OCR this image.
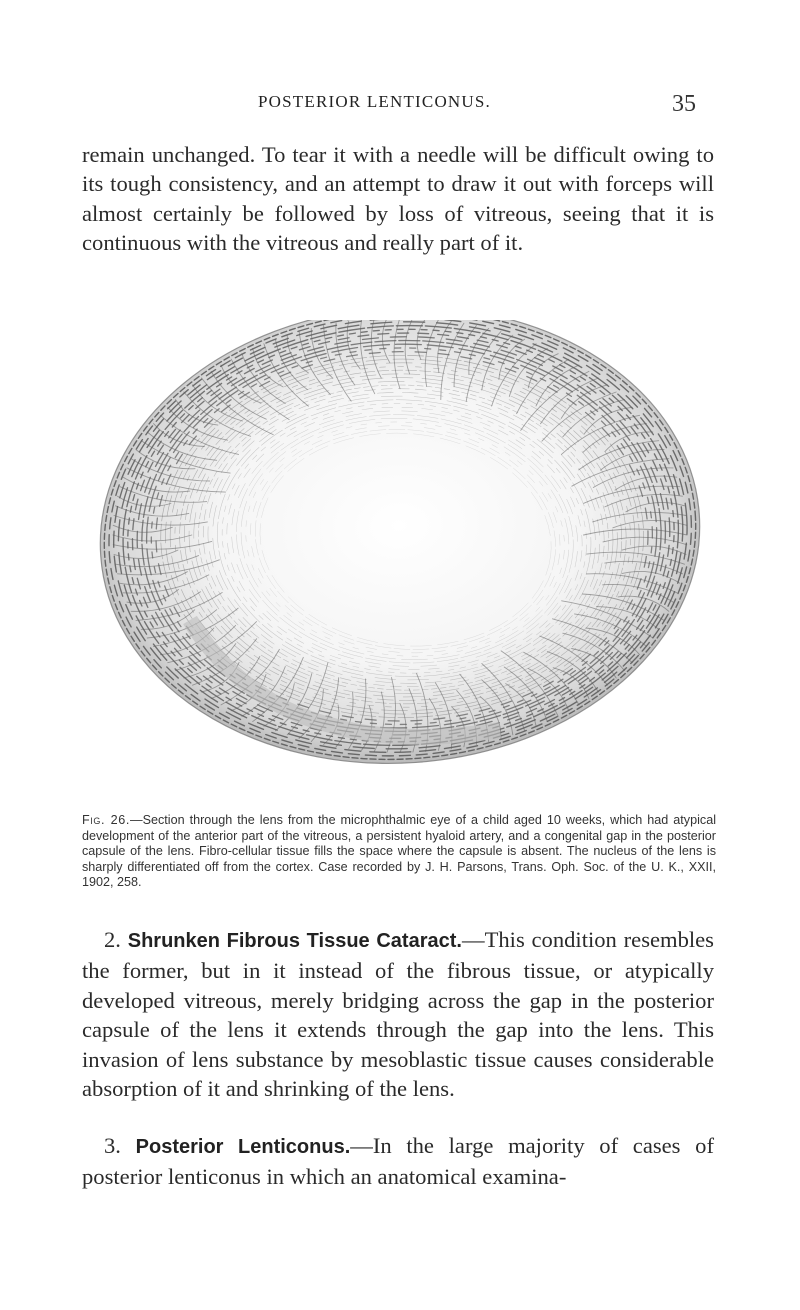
POSTERIOR LENTICONUS.	35

remain unchanged. To tear it with a needle will be difficult owing to its tough consistency, and an attempt to draw it out with forceps will almost certainly be followed by loss of vitreous, seeing that it is continuous with the vitreous and really part of it.

Fig. 26.—Section through the lens from the microphthalmic eye of a child aged 10 weeks, which had atypical development of the anterior part of the vitreous, a persistent hyaloid artery, and a congenital gap in the posterior capsule of the lens. Fibro-cellular tissue fills the space where the capsule is absent. The nucleus of the lens is sharply differentiated off from the cortex. Case recorded by J. H. Parsons, Trans. Oph. Soc. of the U. K., XXII, 1902, 258.

2. Shrunken Fibrous Tissue Cataract.—This condition resembles the former, but in it instead of the fibrous tissue, or atypically developed vitreous, merely bridging across the gap in the posterior capsule of the lens it extends through the gap into the lens. This invasion of lens substance by mesoblastic tissue causes considerable absorption of it and shrinking of the lens.

3. Posterior Lenticonus.—In the large majority of cases of posterior lenticonus in which an anatomical examina-
